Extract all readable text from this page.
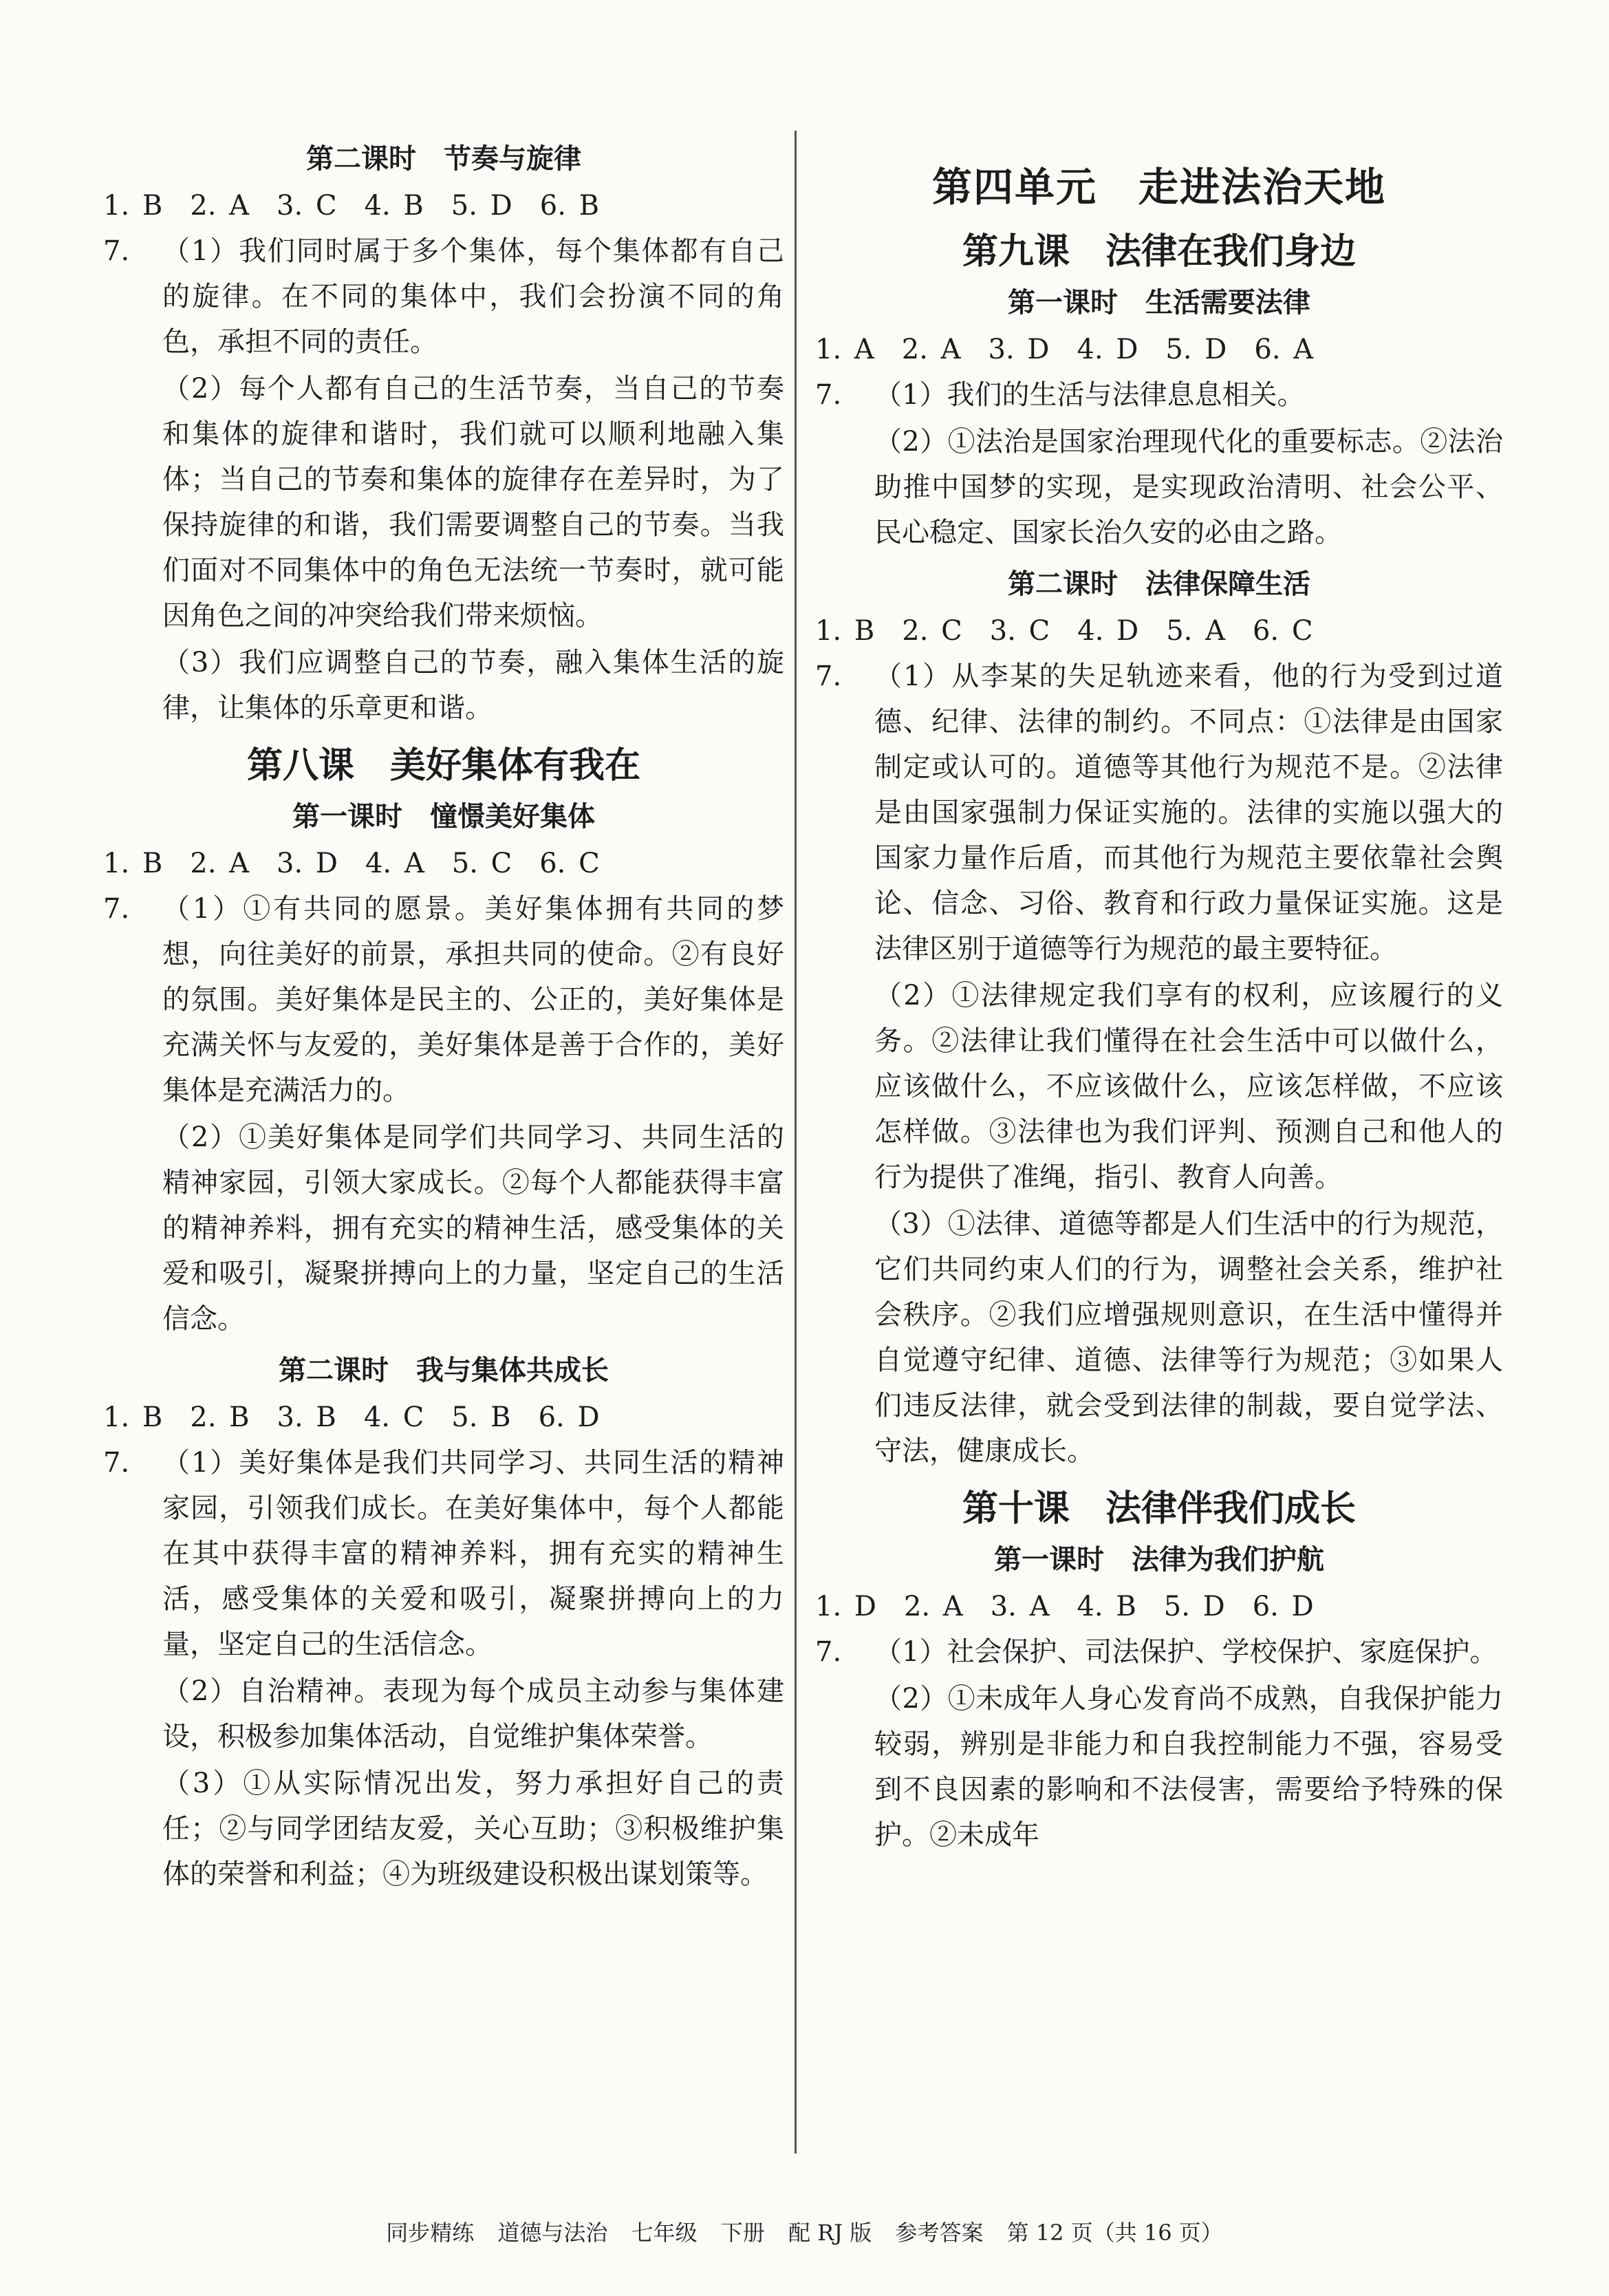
第二课时　节奏与旋律
1. B　2. A　3. C　4. B　5. D　6. B
7. （1）我们同时属于多个集体，每个集体都有自己的旋律。在不同的集体中，我们会扮演不同的角色，承担不同的责任。

（2）每个人都有自己的生活节奏，当自己的节奏和集体的旋律和谐时，我们就可以顺利地融入集体；当自己的节奏和集体的旋律存在差异时，为了保持旋律的和谐，我们需要调整自己的节奏。当我们面对不同集体中的角色无法统一节奏时，就可能因角色之间的冲突给我们带来烦恼。

（3）我们应调整自己的节奏，融入集体生活的旋律，让集体的乐章更和谐。

第八课　美好集体有我在
第一课时　憧憬美好集体
1. B　2. A　3. D　4. A　5. C　6. C
7. （1）①有共同的愿景。美好集体拥有共同的梦想，向往美好的前景，承担共同的使命。②有良好的氛围。美好集体是民主的、公正的，美好集体是充满关怀与友爱的，美好集体是善于合作的，美好集体是充满活力的。

（2）①美好集体是同学们共同学习、共同生活的精神家园，引领大家成长。②每个人都能获得丰富的精神养料，拥有充实的精神生活，感受集体的关爱和吸引，凝聚拼搏向上的力量，坚定自己的生活信念。

第二课时　我与集体共成长
1. B　2. B　3. B　4. C　5. B　6. D
7. （1）美好集体是我们共同学习、共同生活的精神家园，引领我们成长。在美好集体中，每个人都能在其中获得丰富的精神养料，拥有充实的精神生活，感受集体的关爱和吸引，凝聚拼搏向上的力量，坚定自己的生活信念。

（2）自治精神。表现为每个成员主动参与集体建设，积极参加集体活动，自觉维护集体荣誉。

（3）①从实际情况出发，努力承担好自己的责任；②与同学团结友爱，关心互助；③积极维护集体的荣誉和利益；④为班级建设积极出谋划策等。

第四单元　走进法治天地
第九课　法律在我们身边
第一课时　生活需要法律
1. A　2. A　3. D　4. D　5. D　6. A
7. （1）我们的生活与法律息息相关。

（2）①法治是国家治理现代化的重要标志。②法治助推中国梦的实现，是实现政治清明、社会公平、民心稳定、国家长治久安的必由之路。

第二课时　法律保障生活
1. B　2. C　3. C　4. D　5. A　6. C
7. （1）从李某的失足轨迹来看，他的行为受到过道德、纪律、法律的制约。不同点：①法律是由国家制定或认可的。道德等其他行为规范不是。②法律是由国家强制力保证实施的。法律的实施以强大的国家力量作后盾，而其他行为规范主要依靠社会舆论、信念、习俗、教育和行政力量保证实施。这是法律区别于道德等行为规范的最主要特征。

（2）①法律规定我们享有的权利，应该履行的义务。②法律让我们懂得在社会生活中可以做什么，应该做什么，不应该做什么，应该怎样做，不应该怎样做。③法律也为我们评判、预测自己和他人的行为提供了准绳，指引、教育人向善。

（3）①法律、道德等都是人们生活中的行为规范，它们共同约束人们的行为，调整社会关系，维护社会秩序。②我们应增强规则意识，在生活中懂得并自觉遵守纪律、道德、法律等行为规范；③如果人们违反法律，就会受到法律的制裁，要自觉学法、守法，健康成长。

第十课　法律伴我们成长
第一课时　法律为我们护航
1. D　2. A　3. A　4. B　5. D　6. D
7. （1）社会保护、司法保护、学校保护、家庭保护。

（2）①未成年人身心发育尚不成熟，自我保护能力较弱，辨别是非能力和自我控制能力不强，容易受到不良因素的影响和不法侵害，需要给予特殊的保护。②未成年

同步精练 道德与法治 七年级 下册 配 RJ 版 参考答案 第 12 页（共 16 页）
